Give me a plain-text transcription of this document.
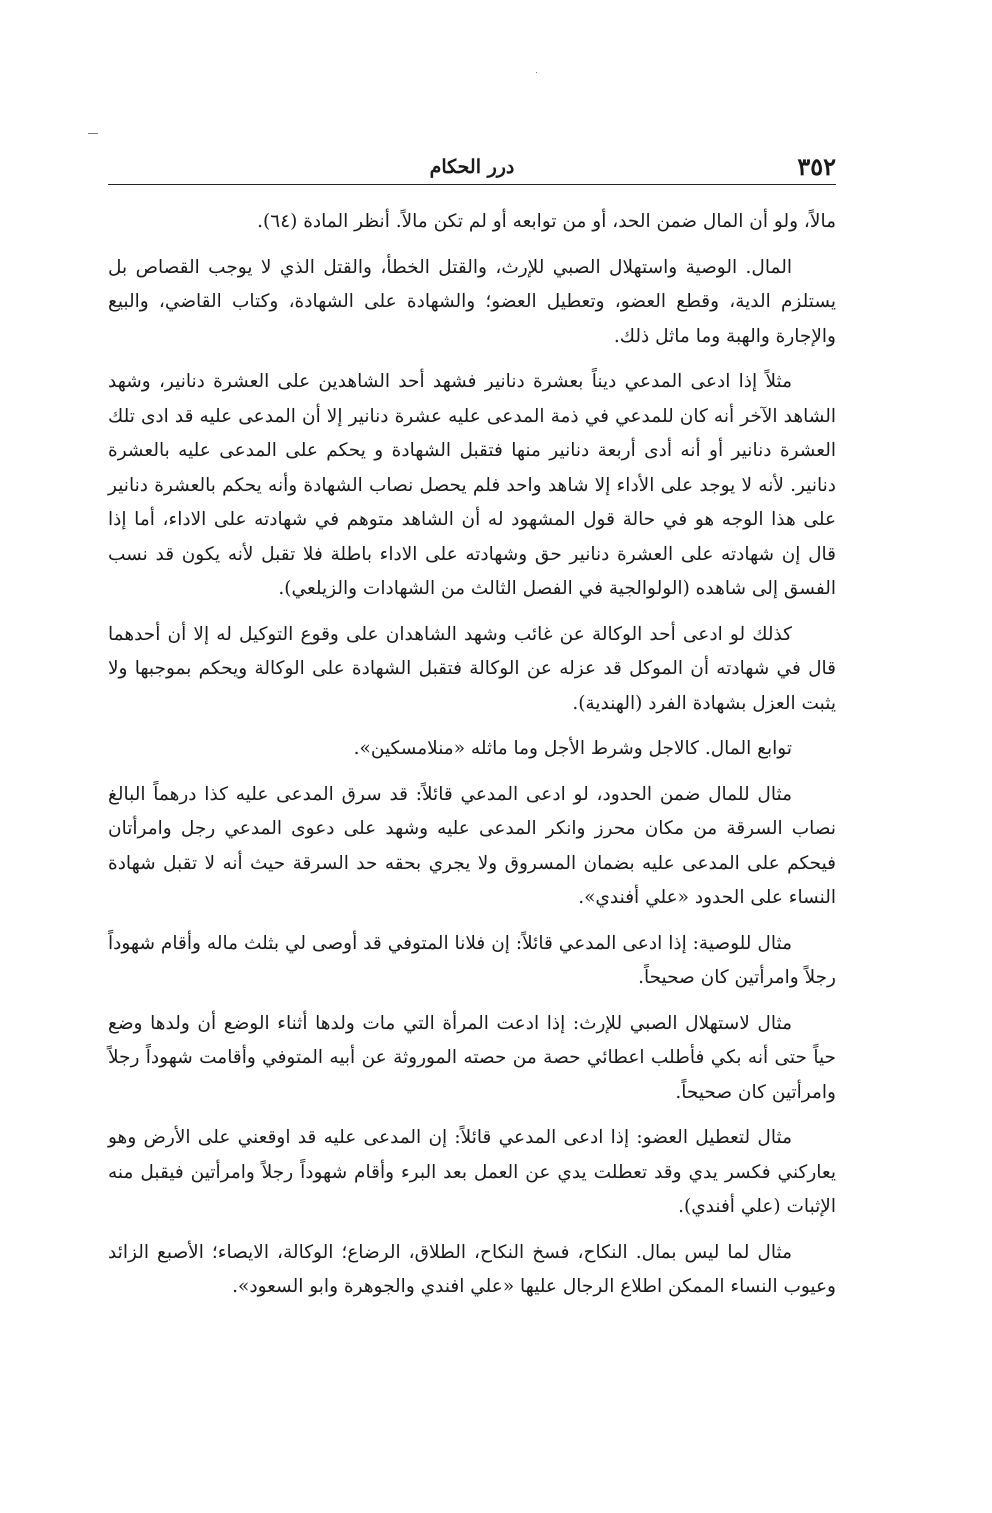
٣٥٢
درر الحكام

مالاً، ولو أن المال ضمن الحد، أو من توابعه أو لم تكن مالاً. أنظر المادة (٦٤).

المال. الوصية واستهلال الصبي للإرث، والقتل الخطأ، والقتل الذي لا يوجب القصاص بل يستلزم الدية، وقطع العضو، وتعطيل العضو؛ والشهادة على الشهادة، وكتاب القاضي، والبيع والإجارة والهبة وما ماثل ذلك.

مثلاً إذا ادعى المدعي ديناً بعشرة دنانير فشهد أحد الشاهدين على العشرة دنانير، وشهد الشاهد الآخر أنه كان للمدعي في ذمة المدعى عليه عشرة دنانير إلا أن المدعى عليه قد ادى تلك العشرة دنانير أو أنه أدى أربعة دنانير منها فتقبل الشهادة و يحكم على المدعى عليه بالعشرة دنانير. لأنه لا يوجد على الأداء إلا شاهد واحد فلم يحصل نصاب الشهادة وأنه يحكم بالعشرة دنانير على هذا الوجه هو في حالة قول المشهود له أن الشاهد متوهم في شهادته على الاداء، أما إذا قال إن شهادته على العشرة دنانير حق وشهادته على الاداء باطلة فلا تقبل لأنه يكون قد نسب الفسق إلى شاهده (الولوالجية في الفصل الثالث من الشهادات والزيلعي).

كذلك لو ادعى أحد الوكالة عن غائب وشهد الشاهدان على وقوع التوكيل له إلا أن أحدهما قال في شهادته أن الموكل قد عزله عن الوكالة فتقبل الشهادة على الوكالة ويحكم بموجبها ولا يثبت العزل بشهادة الفرد (الهندية).

توابع المال. كالاجل وشرط الأجل وما ماثله «منلامسكين».

مثال للمال ضمن الحدود، لو ادعى المدعي قائلاً: قد سرق المدعى عليه كذا درهماً البالغ نصاب السرقة من مكان محرز وانكر المدعى عليه وشهد على دعوى المدعي رجل وامرأتان فيحكم على المدعى عليه بضمان المسروق ولا يجري بحقه حد السرقة حيث أنه لا تقبل شهادة النساء على الحدود «علي أفندي».

مثال للوصية: إذا ادعى المدعي قائلاً: إن فلانا المتوفي قد أوصى لي بثلث ماله وأقام شهوداً رجلاً وامرأتين كان صحيحاً.

مثال لاستهلال الصبي للإرث: إذا ادعت المرأة التي مات ولدها أثناء الوضع أن ولدها وضع حياً حتى أنه بكي فأطلب اعطائي حصة من حصته الموروثة عن أبيه المتوفي وأقامت شهوداً رجلاً وامرأتين كان صحيحاً.

مثال لتعطيل العضو: إذا ادعى المدعي قائلاً: إن المدعى عليه قد اوقعني على الأرض وهو يعاركني فكسر يدي وقد تعطلت يدي عن العمل بعد البرء وأقام شهوداً رجلاً وامرأتين فيقبل منه الإثبات (علي أفندي).

مثال لما ليس بمال. النكاح، فسخ النكاح، الطلاق، الرضاع؛ الوكالة، الايصاء؛ الأصبع الزائد وعيوب النساء الممكن اطلاع الرجال عليها «علي افندي والجوهرة وابو السعود».
